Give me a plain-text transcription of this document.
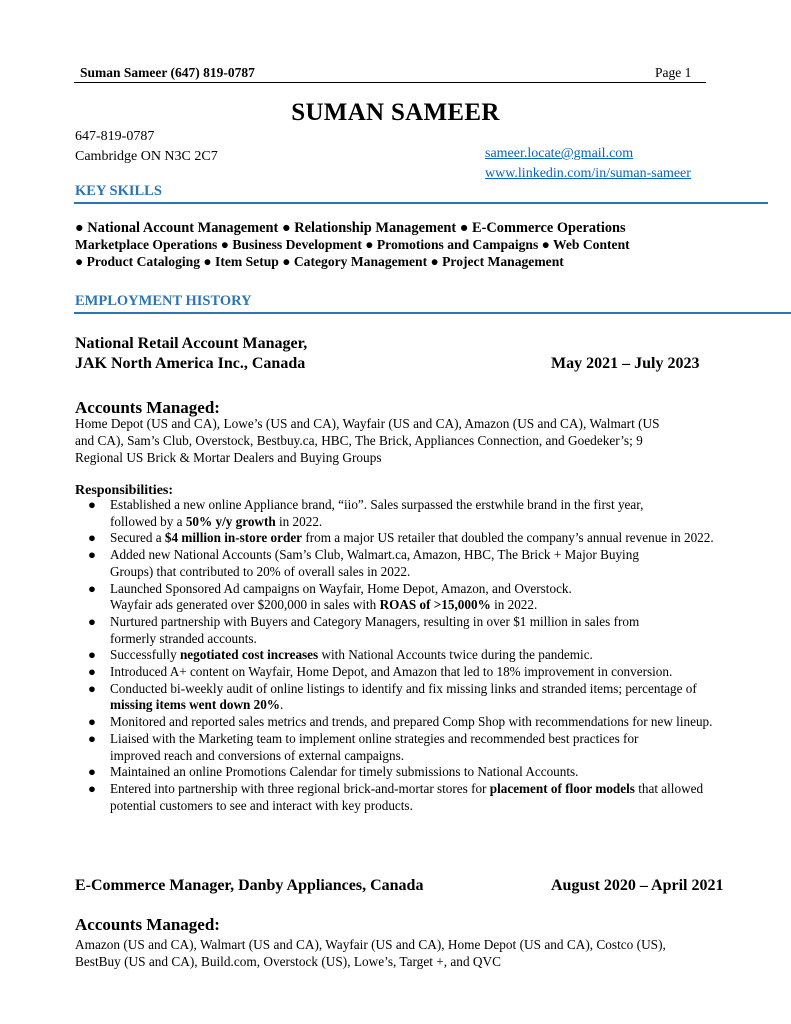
Suman Sameer (647) 819-0787	Page 1
SUMAN SAMEER
647-819-0787
Cambridge ON N3C 2C7	sameer.locate@gmail.com
www.linkedin.com/in/suman-sameer
KEY SKILLS
● National Account Management ● Relationship Management ● E-Commerce Operations
Marketplace Operations ● Business Development ● Promotions and Campaigns ● Web Content
● Product Cataloging ● Item Setup ● Category Management ● Project Management
EMPLOYMENT HISTORY
National Retail Account Manager,
JAK North America Inc., Canada	May 2021 – July 2023
Accounts Managed:
Home Depot (US and CA), Lowe’s (US and CA), Wayfair (US and CA), Amazon (US and CA), Walmart (US
and CA), Sam’s Club, Overstock, Bestbuy.ca, HBC, The Brick, Appliances Connection, and Goedeker’s; 9
Regional US Brick & Mortar Dealers and Buying Groups
Responsibilities:
● Established a new online Appliance brand, “iio”. Sales surpassed the erstwhile brand in the first year,
followed by a 50% y/y growth in 2022.
● Secured a $4 million in-store order from a major US retailer that doubled the company’s annual revenue in 2022.
● Added new National Accounts (Sam’s Club, Walmart.ca, Amazon, HBC, The Brick + Major Buying
Groups) that contributed to 20% of overall sales in 2022.
● Launched Sponsored Ad campaigns on Wayfair, Home Depot, Amazon, and Overstock.
Wayfair ads generated over $200,000 in sales with ROAS of >15,000% in 2022.
● Nurtured partnership with Buyers and Category Managers, resulting in over $1 million in sales from
formerly stranded accounts.
● Successfully negotiated cost increases with National Accounts twice during the pandemic.
● Introduced A+ content on Wayfair, Home Depot, and Amazon that led to 18% improvement in conversion.
● Conducted bi-weekly audit of online listings to identify and fix missing links and stranded items; percentage of
missing items went down 20%.
● Monitored and reported sales metrics and trends, and prepared Comp Shop with recommendations for new lineup.
● Liaised with the Marketing team to implement online strategies and recommended best practices for
improved reach and conversions of external campaigns.
● Maintained an online Promotions Calendar for timely submissions to National Accounts.
● Entered into partnership with three regional brick-and-mortar stores for placement of floor models that allowed
potential customers to see and interact with key products.
E-Commerce Manager, Danby Appliances, Canada	August 2020 – April 2021
Accounts Managed:
Amazon (US and CA), Walmart (US and CA), Wayfair (US and CA), Home Depot (US and CA), Costco (US),
BestBuy (US and CA), Build.com, Overstock (US), Lowe’s, Target +, and QVC
